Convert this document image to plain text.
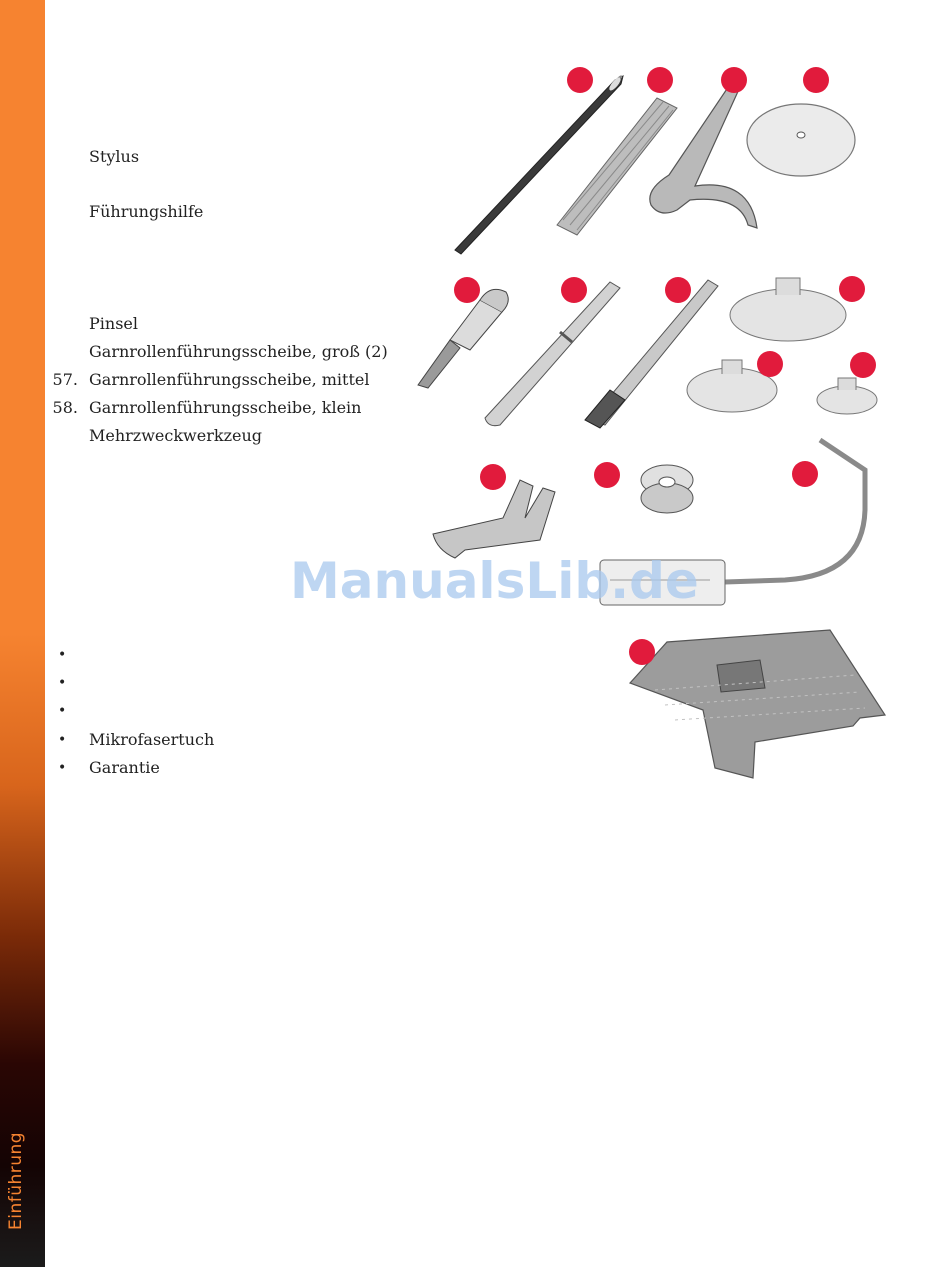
Einführung
Stylus
Führungshilfe
Pinsel
Garnrollenführungsscheibe, groß (2)
57. Garnrollenführungsscheibe, mittel
58. Garnrollenführungsscheibe, klein
Mehrzweckwerkzeug
•
•
•
• Mikrofasertuch
• Garantie
ManualsLib.de
